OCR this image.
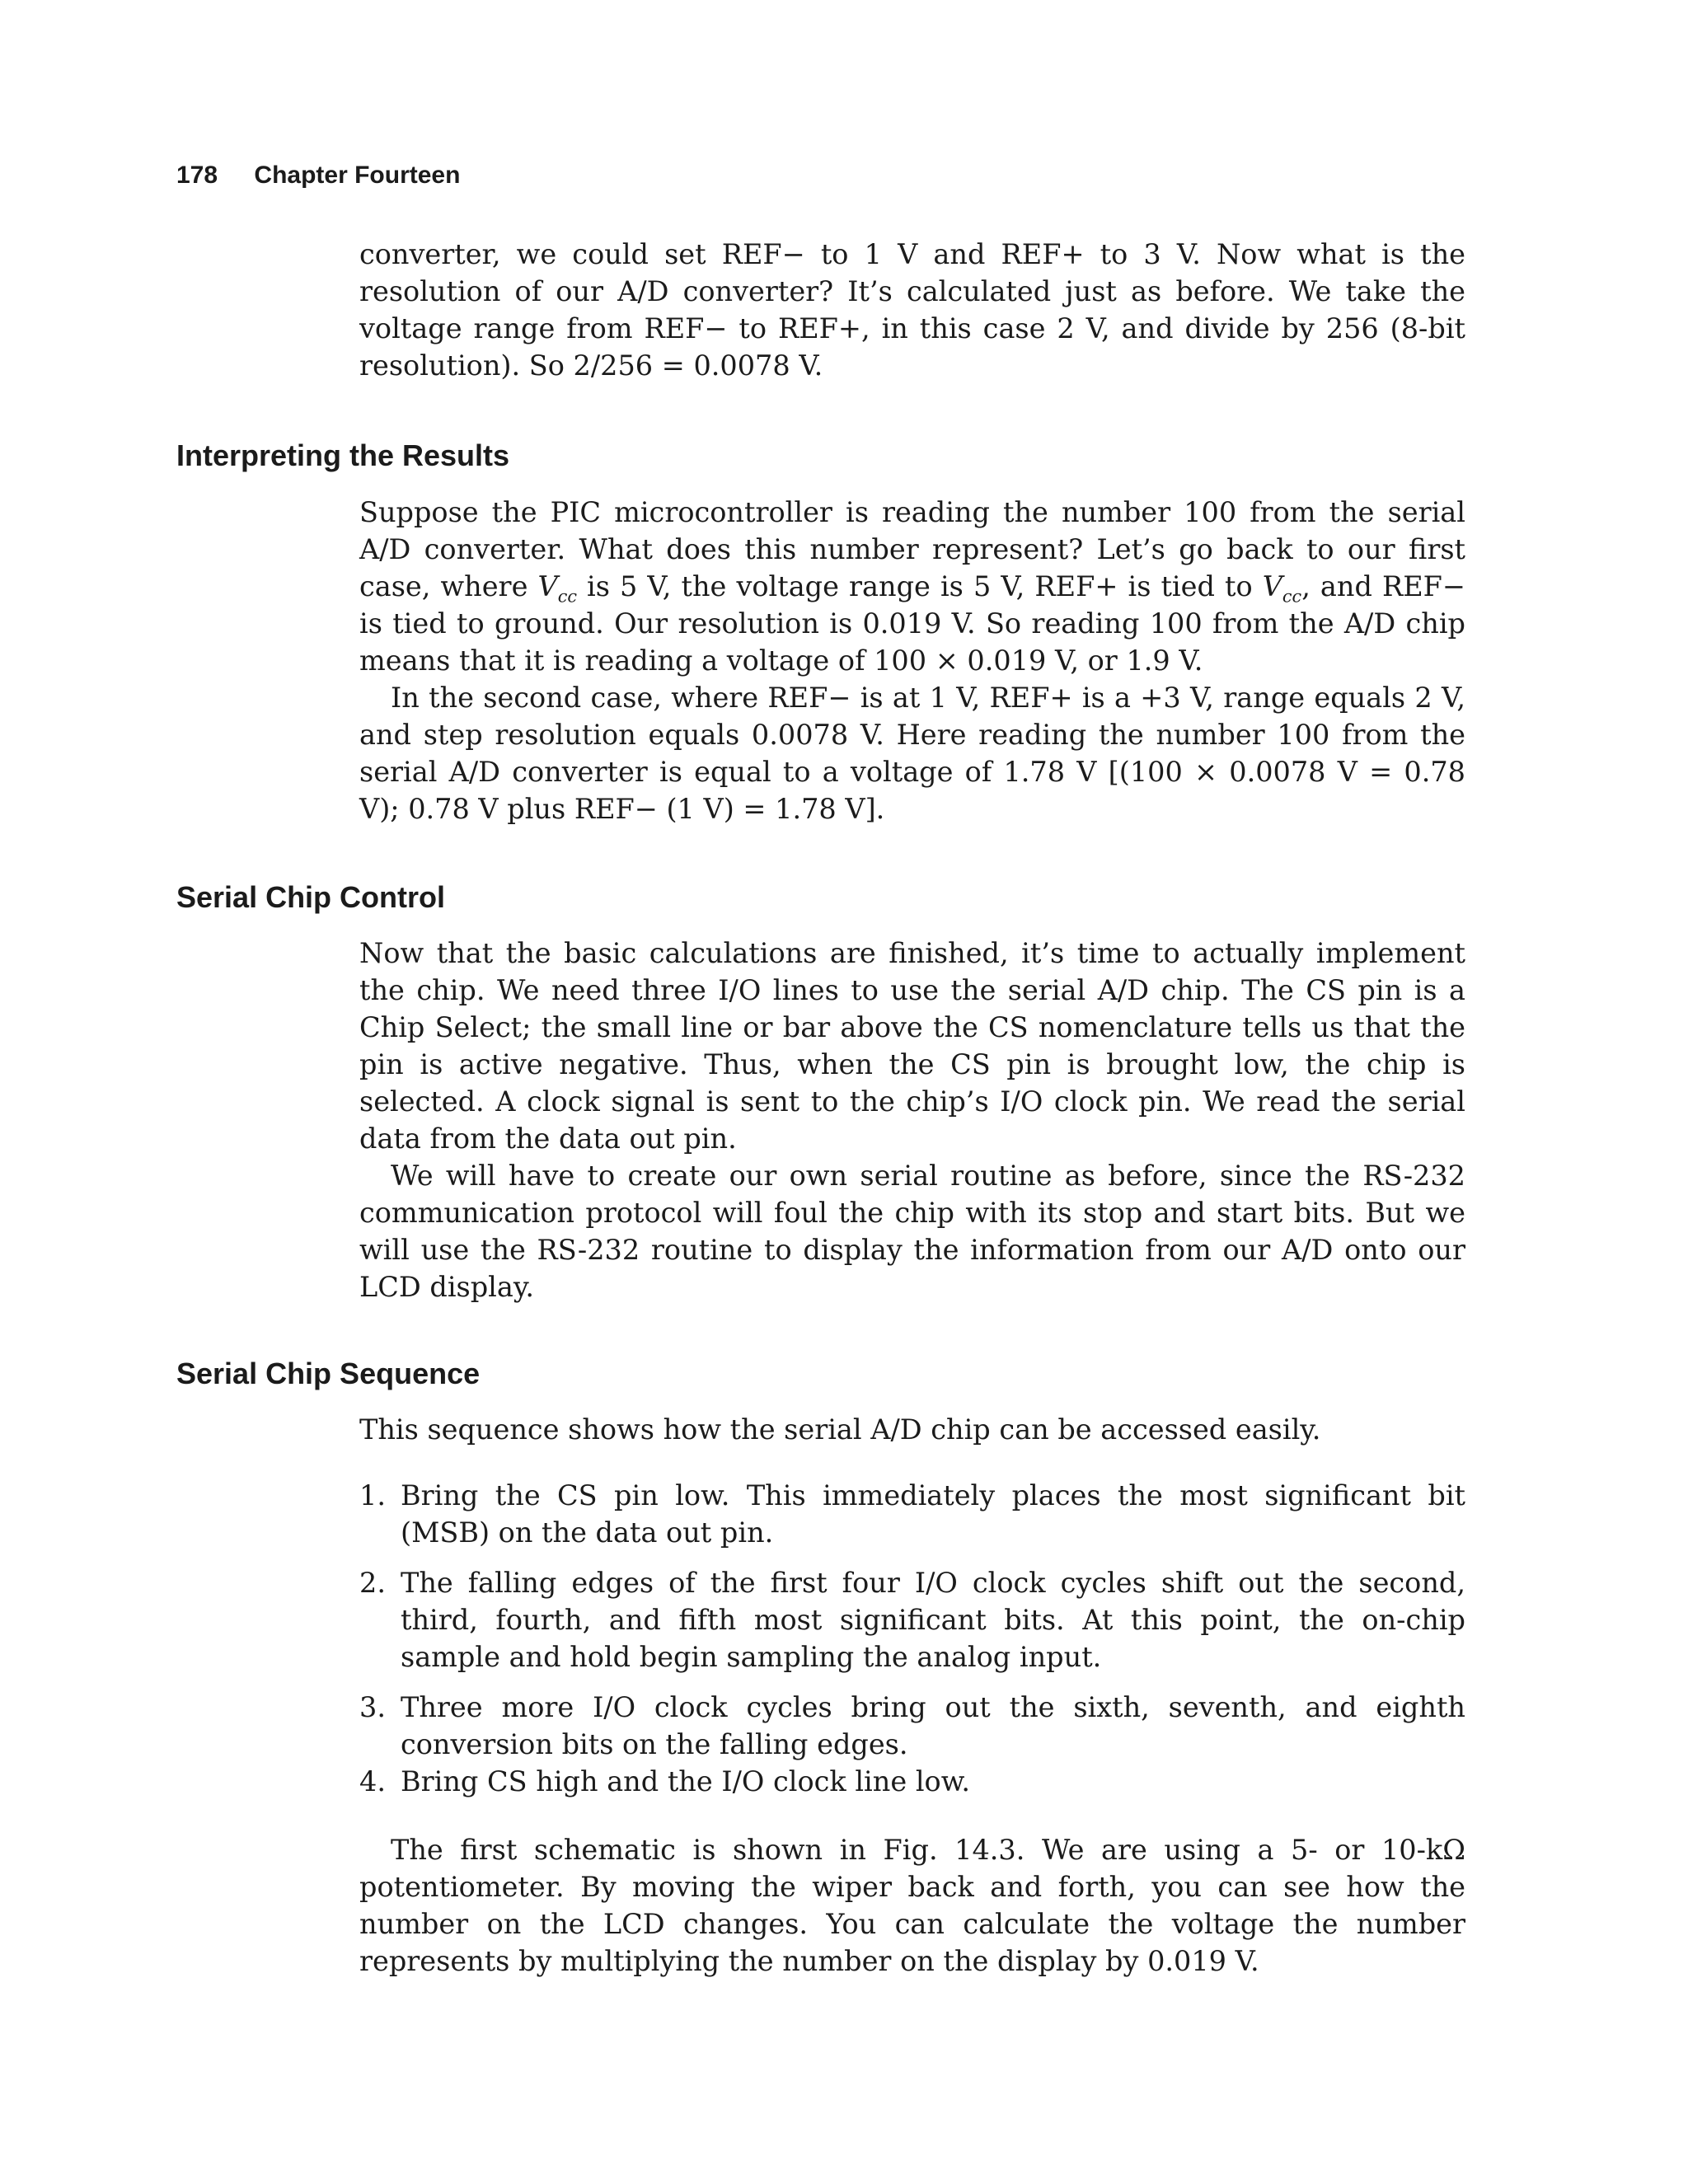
178 Chapter Fourteen

converter, we could set REF− to 1 V and REF+ to 3 V. Now what is the resolution of our A/D converter? It’s calculated just as before. We take the voltage range from REF− to REF+, in this case 2 V, and divide by 256 (8-bit resolution). So 2/256 = 0.0078 V.

Interpreting the Results

Suppose the PIC microcontroller is reading the number 100 from the serial A/D converter. What does this number represent? Let’s go back to our first case, where $V_{cc}$ is 5 V, the voltage range is 5 V, REF+ is tied to $V_{cc}$, and REF− is tied to ground. Our resolution is 0.019 V. So reading 100 from the A/D chip means that it is reading a voltage of 100 × 0.019 V, or 1.9 V.

In the second case, where REF− is at 1 V, REF+ is a +3 V, range equals 2 V, and step resolution equals 0.0078 V. Here reading the number 100 from the serial A/D converter is equal to a voltage of 1.78 V [(100 × 0.0078 V = 0.78 V); 0.78 V plus REF− (1 V) = 1.78 V].

Serial Chip Control

Now that the basic calculations are finished, it’s time to actually implement the chip. We need three I/O lines to use the serial A/D chip. The CS pin is a Chip Select; the small line or bar above the CS nomenclature tells us that the pin is active negative. Thus, when the CS pin is brought low, the chip is selected. A clock signal is sent to the chip’s I/O clock pin. We read the serial data from the data out pin.

We will have to create our own serial routine as before, since the RS-232 communication protocol will foul the chip with its stop and start bits. But we will use the RS-232 routine to display the information from our A/D onto our LCD display.

Serial Chip Sequence

This sequence shows how the serial A/D chip can be accessed easily.

1. Bring the CS pin low. This immediately places the most significant bit (MSB) on the data out pin.
2. The falling edges of the first four I/O clock cycles shift out the second, third, fourth, and fifth most significant bits. At this point, the on-chip sample and hold begin sampling the analog input.
3. Three more I/O clock cycles bring out the sixth, seventh, and eighth conversion bits on the falling edges.
4. Bring CS high and the I/O clock line low.

The first schematic is shown in Fig. 14.3. We are using a 5- or 10-kΩ potentiometer. By moving the wiper back and forth, you can see how the number on the LCD changes. You can calculate the voltage the number represents by multiplying the number on the display by 0.019 V.
